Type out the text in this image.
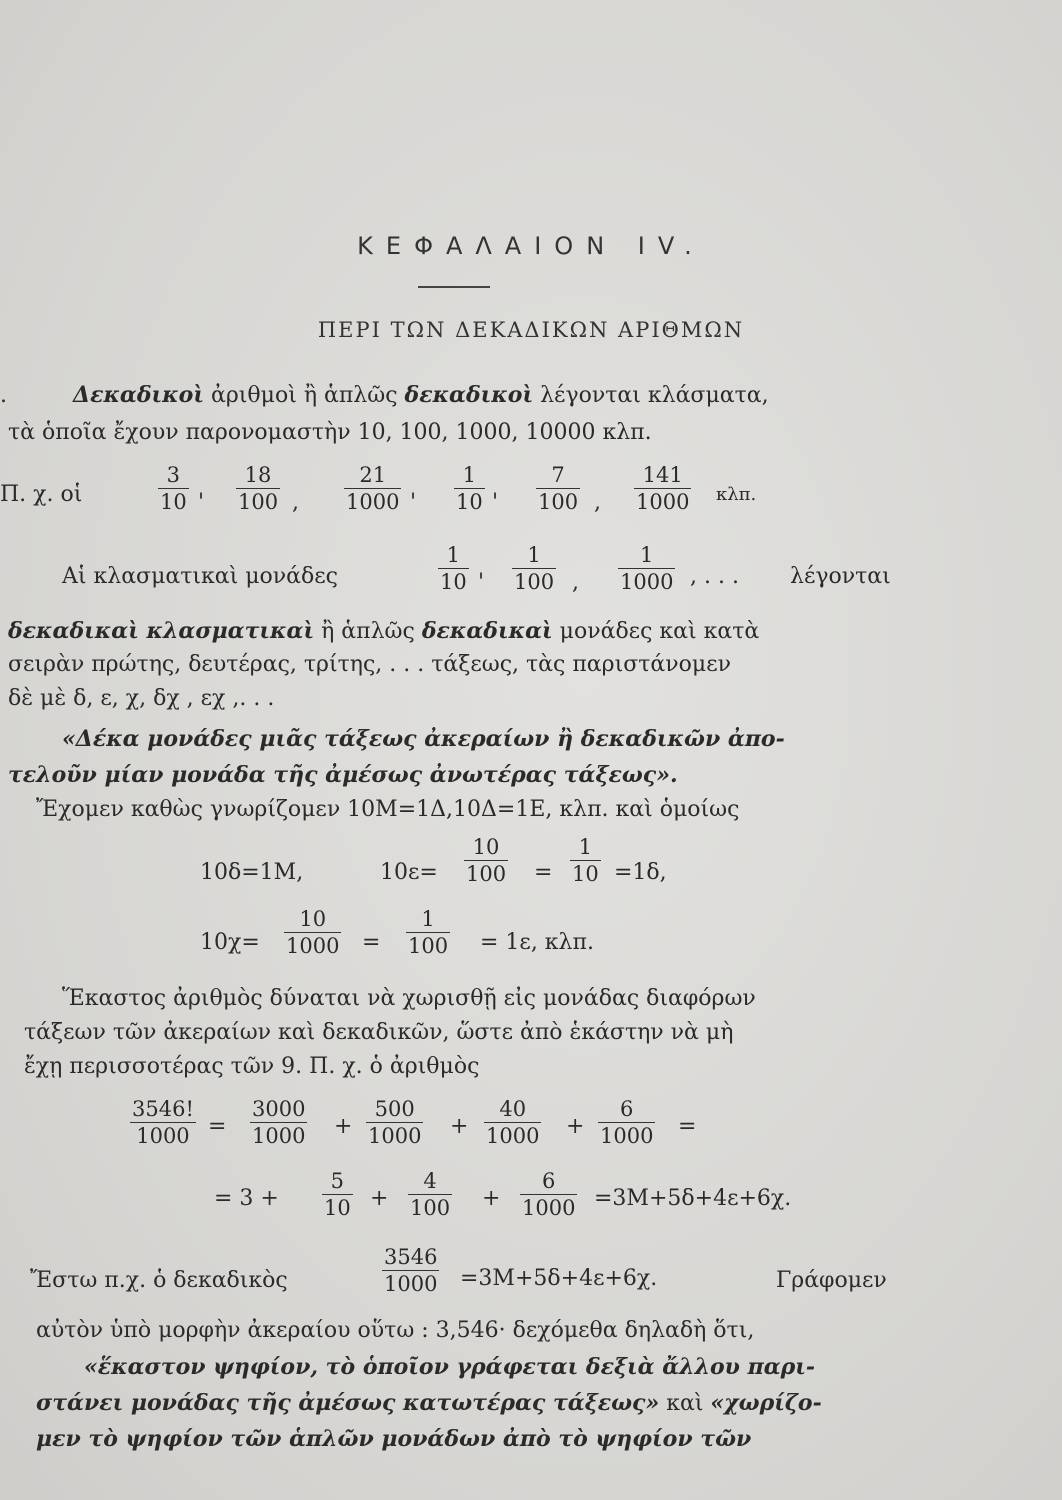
ΚΕΦΑΛΑΙΟΝ IV.
ΠΕΡΙ ΤΩΝ ΔΕΚΑΔΙΚΩΝ ΑΡΙΘΜΩΝ
.	Δεκαδικοὶ ἀριθμοὶ ἢ ἁπλῶς δεκαδικοὶ λέγονται κλάσματα,
τὰ ὁποῖα ἔχουν παρονομαστὴν 10, 100, 1000, 10000 κλπ.
Π. χ. οἱ	$\frac{3}{10}$ ' $\frac{18}{100}$ , $\frac{21}{1000}$ ' $\frac{1}{10}$ ' $\frac{7}{100}$ , $\frac{141}{1000} \kappa\lambda\pi$.
Αἱ κλασματικαὶ μονάδες	$\frac{1}{10}$ ' $\frac{1}{100}$ , $\frac{1}{1000}$ , . . . λέγονται
δεκαδικαὶ κλασματικαὶ ἢ ἁπλῶς δεκαδικαὶ μονάδες καὶ κατὰ
σειρὰν πρώτης, δευτέρας, τρίτης, . . . τάξεως, τὰς παριστάνομεν
δὲ μὲ δ, ε, χ, δχ , εχ ,. . .
«Δέκα μονάδες μιᾶς τάξεως ἀκεραίων ἢ δεκαδικῶν ἀπο-
τελοῦν μίαν μονάδα τῆς ἀμέσως ἀνωτέρας τάξεως».
Ἔχομεν καθὼς γνωρίζομεν 10Μ=1Δ,10Δ=1Ε, κλπ. καὶ ὁμοίως
10δ=1Μ,	$10\varepsilon= \frac{10}{100} = \frac{1}{10} =1\delta$,
$10\chi= \frac{10}{1000} = \frac{1}{100} = 1\varepsilon$, κλπ.
Ἕκαστος ἀριθμὸς δύναται νὰ χωρισθῇ εἰς μονάδας διαφόρων
τάξεων τῶν ἀκεραίων καὶ δεκαδικῶν, ὥστε ἀπὸ ἑκάστην νὰ μὴ
ἔχῃ περισσοτέρας τῶν 9. Π. χ. ὁ ἀριθμὸς
$\frac{3546!}{1000} = \frac{3000}{1000} + \frac{500}{1000} + \frac{40}{1000} + \frac{6}{1000}$ =
= $3 + \frac{5}{10} + \frac{4}{100} + \frac{6}{1000} =3M+5\delta+4\varepsilon+6\chi$.
Ἔστω π.χ. ὁ δεκαδικὸς	$\frac{3546}{1000} =3M+5\delta+4\varepsilon+6\chi$.	Γράφομεν
αὐτὸν ὑπὸ μορφὴν ἀκεραίου οὕτω : 3,546· δεχόμεθα δηλαδὴ ὅτι,
«ἕκαστον ψηφίον, τὸ ὁποῖον γράφεται δεξιὰ ἄλλου παρι-
στάνει μονάδας τῆς ἀμέσως κατωτέρας τάξεως» καὶ «χωρίζο-
μεν τὸ ψηφίον τῶν ἁπλῶν μονάδων ἀπὸ τὸ ψηφίον τῶν
